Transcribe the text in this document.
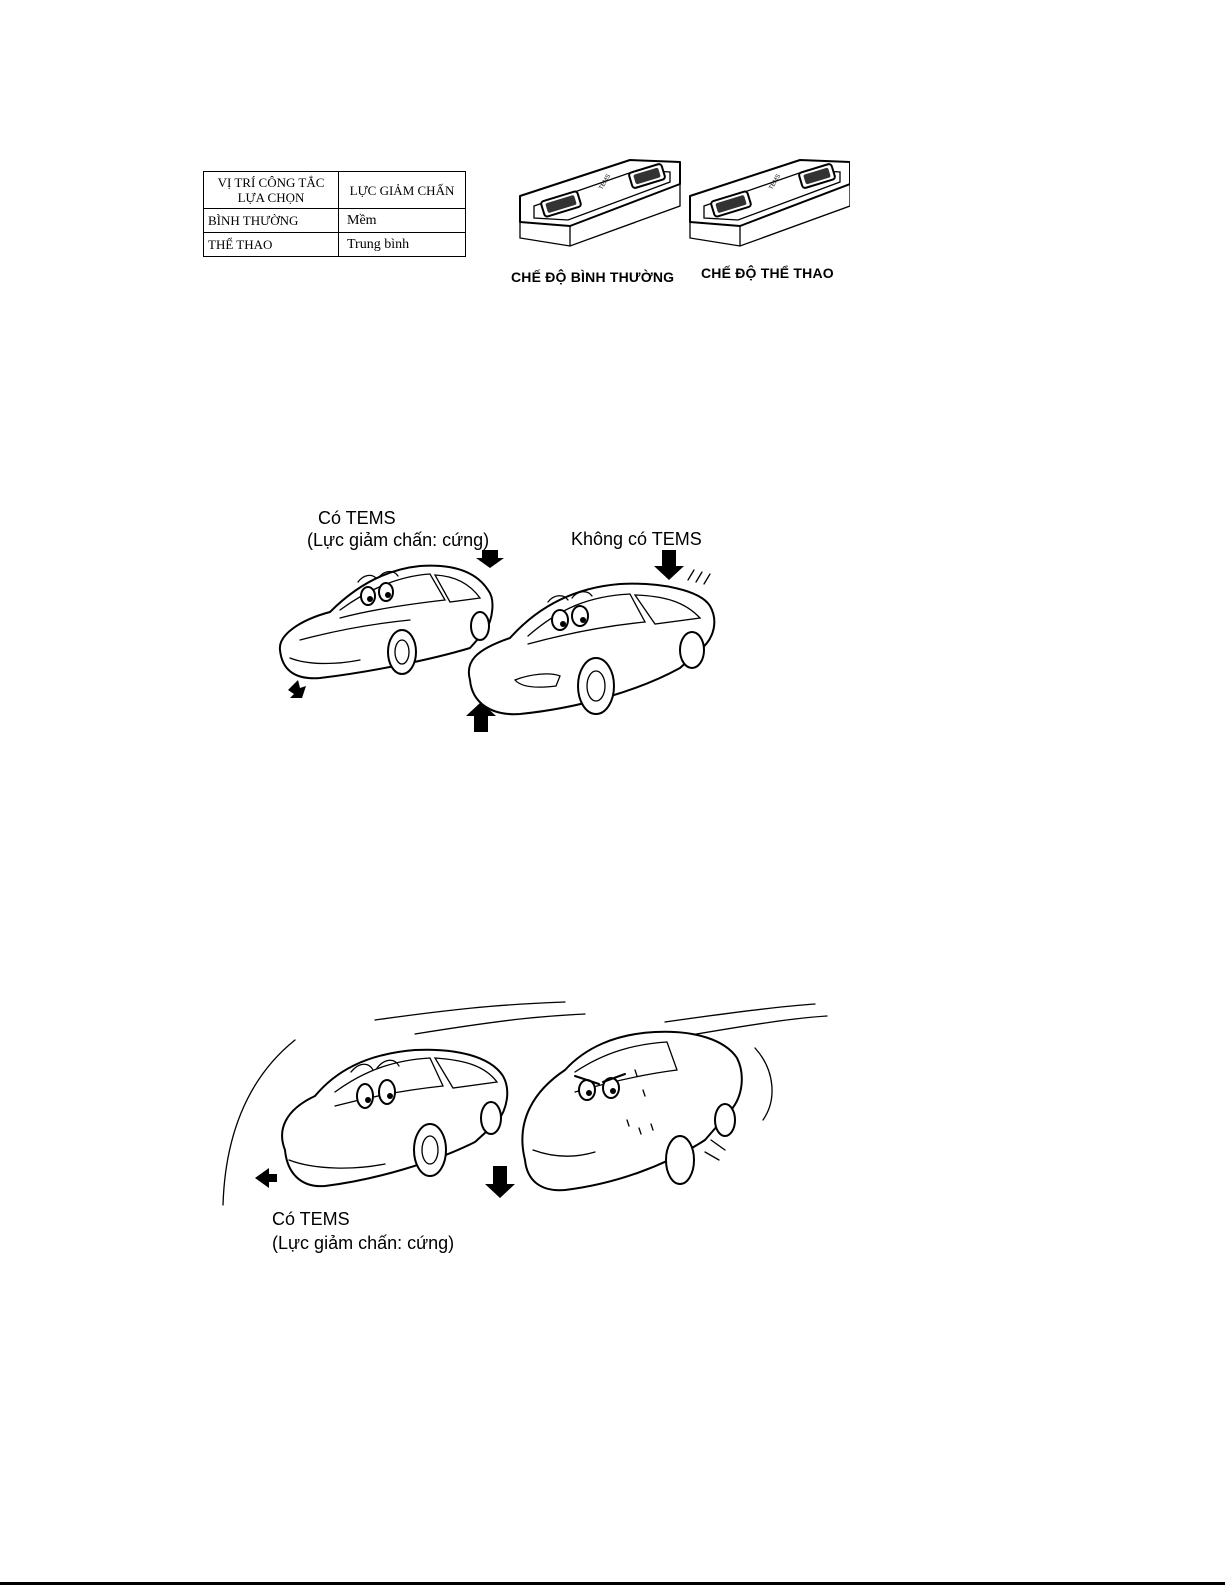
VỊ TRÍ CÔNG TẮC LỰA CHỌN	LỰC GIẢM CHẤN
BÌNH THƯỜNG	Mềm
THỂ THAO	Trung bình
TEMS	TEMS
CHẾ ĐỘ BÌNH THƯỜNG CHẾ ĐỘ THỂ THAO
Có TEMS
(Lực giảm chấn: cứng)	Không có TEMS
Có TEMS
(Lực giảm chấn: cứng)
